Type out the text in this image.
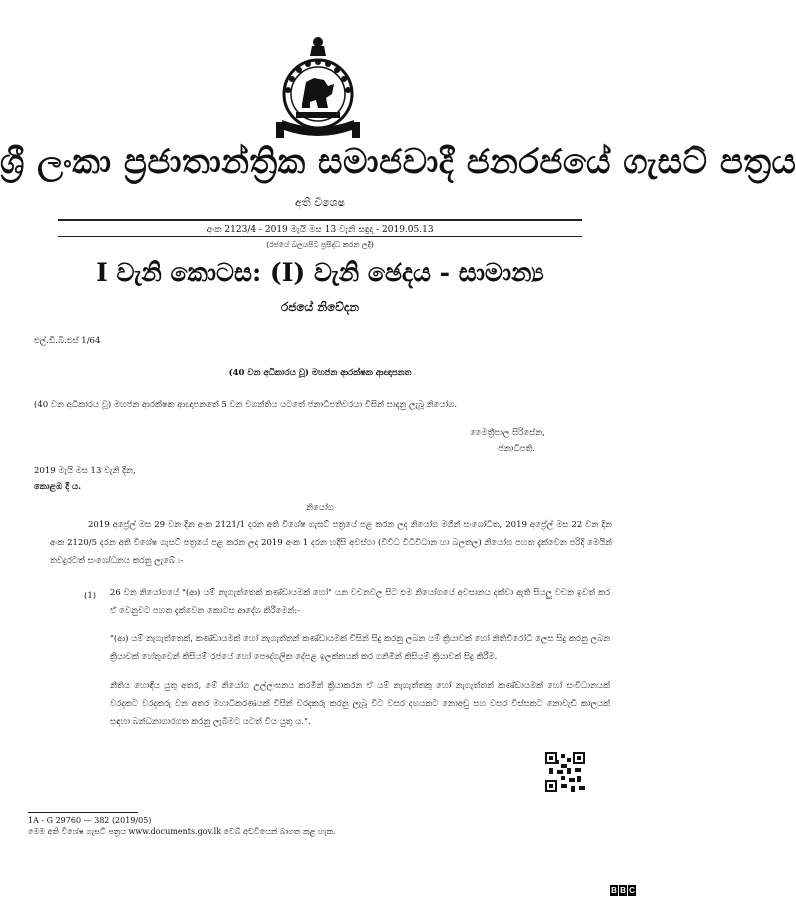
ශ්‍රී ලංකා ප්‍රජාතාන්ත්‍රික සමාජවාදී ජනරජයේ ගැසට් පත්‍රය
අති විශෙෂ
අංක 2123/4 - 2019 මැයි මස 13 වැනි සඳුදා - 2019.05.13
(රජයේ බලයපිට ප්‍රසිද්ධ කරන ලදී)
I වැනි කොටස: (I) වැනි ඡෙදය - සාමාන්‍ය
රජයේ නිවේදන
එල්.ඩී.බී.එස් 1/64
(40 වන අධිකාරය වූ) මහජන ආරක්ෂක ආඥාපනත
(40 වන අධිකාරය වූ) මහජන ආරක්ෂක ආඥාපනතේ 5 වන වගන්තිය යටතේ ජනාධිපතිවරයා විසින් සාදනු ලැබූ නියෝග.
මෛත්‍රීපාල සිරිසේන,
ජනාධිපති.
2019 මැයි මස 13 වැනි දින,
කොළඹ දී ය.
නියෝග
2019 අප්‍රේල් මස 29 වන දින අංක 2121/1 දරන අති විශේෂ ගැසට් පත්‍රයේ පළ කරන ලද නියෝග මගින් සංශෝධිත, 2019 අප්‍රේල් මස 22 වන දින අංක 2120/5 දරන අති විශේෂ ගැසට් පත්‍රයේ පළ කරන ලද 2019 අංක 1 දරන හදිසි අවස්ථා (විවිධ විධිවිධාන හා බලතල) නියෝග පහත දැක්වෙන පරිදි මෙයින් තවදුරටත් සංශෝධනය කරනු ලැබේ :-
(1) 26 වන නියෝගයේ "(ආ) යම් නැගැත්තෙක් කණ්ඩායමක් හෝ" යන වචනවල සිට එම නියෝගයේ අවසානය දක්වා ඇති සියලු වචන ඉවත් කර ඒ වෙනුවට පහත දැක්වෙන කොටස ආදේශ කිරීමෙන්:-
"(ආ) යම් නැගැත්තෙක්, කණ්ඩායමක් හෝ නැගැත්තන් කණ්ඩායමක් විසින් සිදු කරනු ලබන යම් ක්‍රියාවක් හෝ නිතිවිරෝධී ලෙස සිදු කරනු ලබන ක්‍රියාවක් හේතුවෙන් කිසියම් රජයේ හෝ පෞද්ගලික දේපළ ඉලක්කයක් කර ගනිමින් කිසියම් ක්‍රියාවක් සිදු කිරීම.
නීතිය හොඳීය යුතු අතර, මේ නියෝග උල්ලංඝනය කරමින් ක්‍රියාකරන ඒ යම් නැගැත්තකු හෝ නැගැත්තන් කණ්ඩායමක් හෝ සංවිධානයක් වරදකට වරදකරු වන අතර මහාධිකරණයක් විසින් වරදකරු කරනු ලැබූ විට වසර දහයකට නොඅඩු සහ වසර විස්සකට නොවැඩි කාලයක් සඳහා බන්ධනාගාරගත කරනු ලැබිමට යටත් විය යුතු ය.".
1A - G 29760 — 382 (2019/05)
මෙම අති විශේෂ ගැසට් පත්‍රය www.documents.gov.lk වෙබ් අඩවියෙන් බාගත කළ හැක.
B B C
